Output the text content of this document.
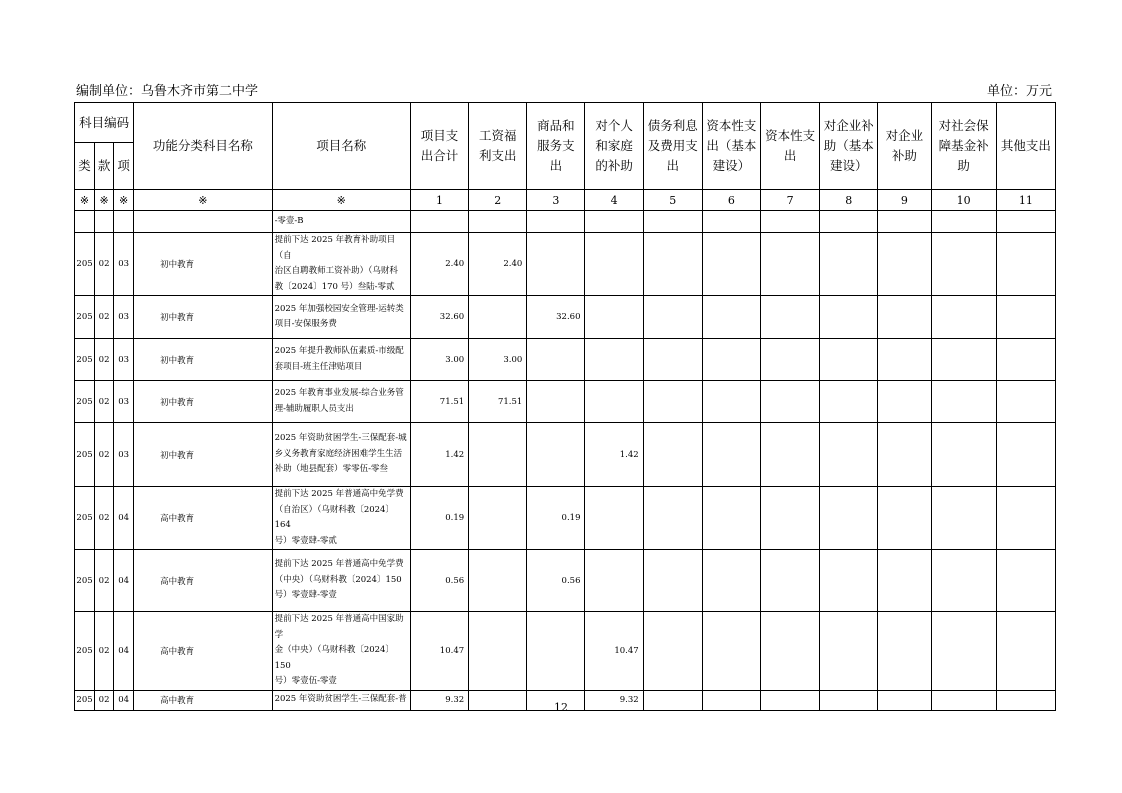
编制单位：乌鲁木齐市第二中学	单位：万元
科目编码			功能分类科目名称	项目名称	项目支出合计	工资福利支出	商品和服务支出	对个人和家庭的补助	债务利息及费用支出	资本性支出（基本建设）	资本性支出	对企业补助（基本建设）	对企业补助	对社会保障基金补助	其他支出
类	款	项													
※	※	※	※	※	1	2	3	4	5	6	7	8	9	10	11
				-零壹-B											
205	02	03	初中教育	提前下达 2025 年教育补助项目（自
治区自聘教师工资补助）（乌财科
教〔2024〕170 号）叁陆-零贰	2.40	2.40									
205	02	03	初中教育	2025 年加强校园安全管理-运转类
项目-安保服务费	32.60		32.60								
205	02	03	初中教育	2025 年提升教师队伍素质-市级配
套项目-班主任津贴项目	3.00	3.00									
205	02	03	初中教育	2025 年教育事业发展-综合业务管
理-辅助履职人员支出	71.51	71.51									
205	02	03	初中教育	2025 年资助贫困学生-三保配套-城
乡义务教育家庭经济困难学生生活
补助（地县配套）零零伍-零叁	1.42			1.42							
205	02	04	高中教育	提前下达 2025 年普通高中免学费
（自治区）（乌财科教〔2024〕164
号）零壹肆-零贰	0.19		0.19								
205	02	04	高中教育	提前下达 2025 年普通高中免学费
（中央）（乌财科教〔2024〕150
号）零壹肆-零壹	0.56		0.56								
205	02	04	高中教育	提前下达 2025 年普通高中国家助学
金（中央）（乌财科教〔2024〕150
号）零壹伍-零壹	10.47			10.47							
205	02	04	高中教育	2025 年资助贫困学生-三保配套-普	9.32			9.32							
12
